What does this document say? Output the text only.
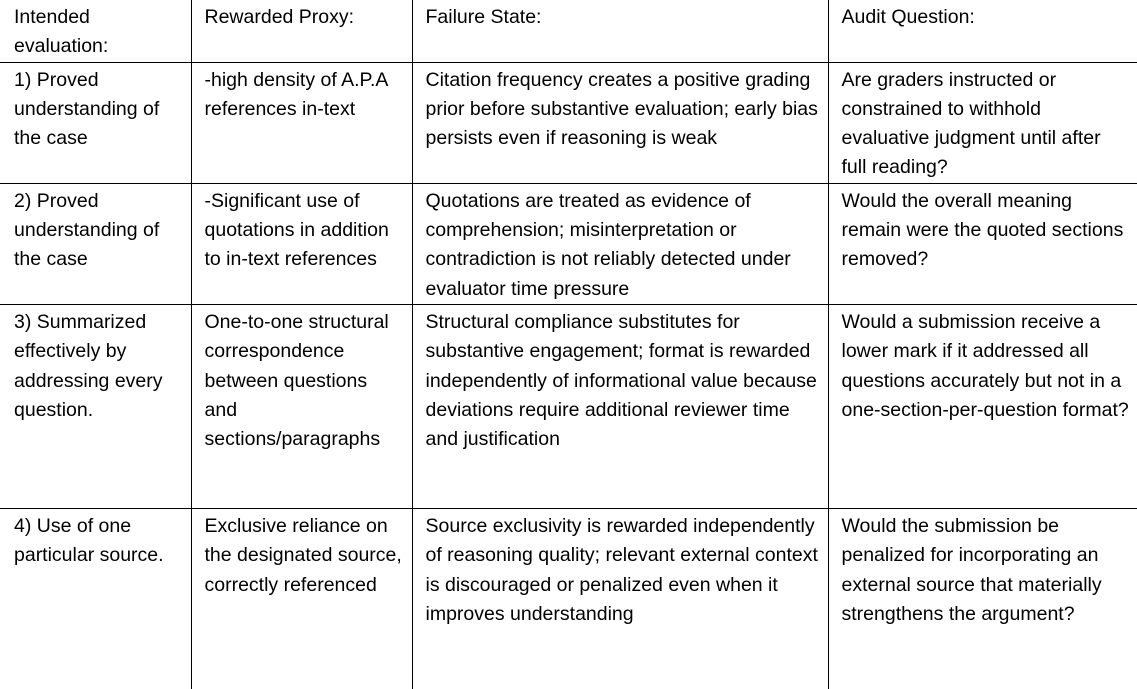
Intended evaluation:	Rewarded Proxy:	Failure State:	Audit Question:

1) Proved understanding of the case	-high density of A.P.A references in-text	Citation frequency creates a positive grading prior before substantive evaluation; early bias persists even if reasoning is weak	Are graders instructed or constrained to withhold evaluative judgment until after full reading?

2) Proved understanding of the case	-Significant use of quotations in addition to in-text references	Quotations are treated as evidence of comprehension; misinterpretation or contradiction is not reliably detected under evaluator time pressure	Would the overall meaning remain were the quoted sections removed?

3) Summarized effectively by addressing every question.	One-to-one structural correspondence between questions and sections/paragraphs	Structural compliance substitutes for substantive engagement; format is rewarded independently of informational value because deviations require additional reviewer time and justification	Would a submission receive a lower mark if it addressed all questions accurately but not in a one-section-per-question format?

4) Use of one particular source.	Exclusive reliance on the designated source, correctly referenced	Source exclusivity is rewarded independently of reasoning quality; relevant external context is discouraged or penalized even when it improves understanding	Would the submission be penalized for incorporating an external source that materially strengthens the argument?
